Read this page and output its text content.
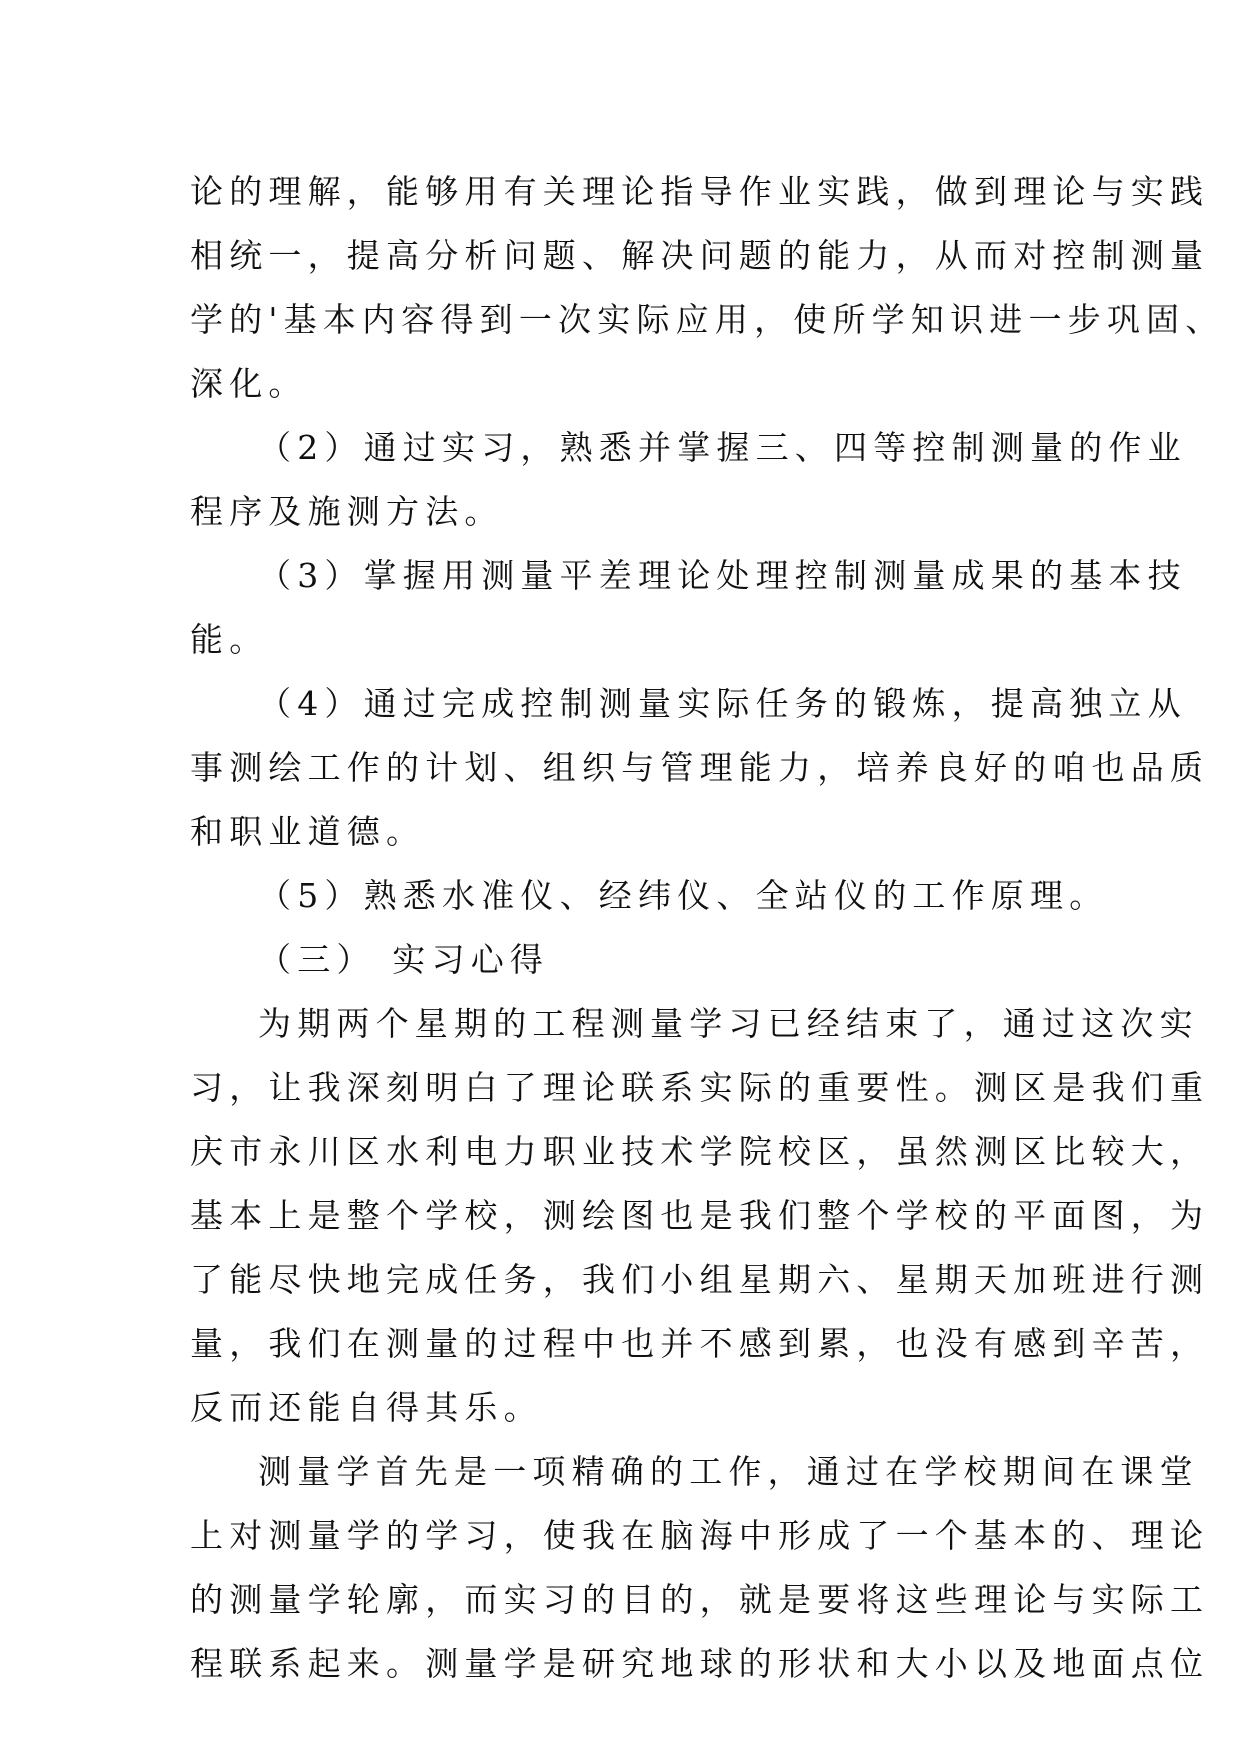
论的理解，能够用有关理论指导作业实践，做到理论与实践
相统一，提高分析问题、解决问题的能力，从而对控制测量
学的'基本内容得到一次实际应用，使所学知识进一步巩固、
深化。
（2）通过实习，熟悉并掌握三、四等控制测量的作业
程序及施测方法。
（3）掌握用测量平差理论处理控制测量成果的基本技
能。
（4）通过完成控制测量实际任务的锻炼，提高独立从
事测绘工作的计划、组织与管理能力，培养良好的咱也品质
和职业道德。
（5）熟悉水准仪、经纬仪、全站仪的工作原理。
（三） 实习心得
为期两个星期的工程测量学习已经结束了，通过这次实
习，让我深刻明白了理论联系实际的重要性。测区是我们重
庆市永川区水利电力职业技术学院校区，虽然测区比较大，
基本上是整个学校，测绘图也是我们整个学校的平面图，为
了能尽快地完成任务，我们小组星期六、星期天加班进行测
量，我们在测量的过程中也并不感到累，也没有感到辛苦，
反而还能自得其乐。
测量学首先是一项精确的工作，通过在学校期间在课堂
上对测量学的学习，使我在脑海中形成了一个基本的、理论
的测量学轮廓，而实习的目的，就是要将这些理论与实际工
程联系起来。测量学是研究地球的形状和大小以及地面点位
